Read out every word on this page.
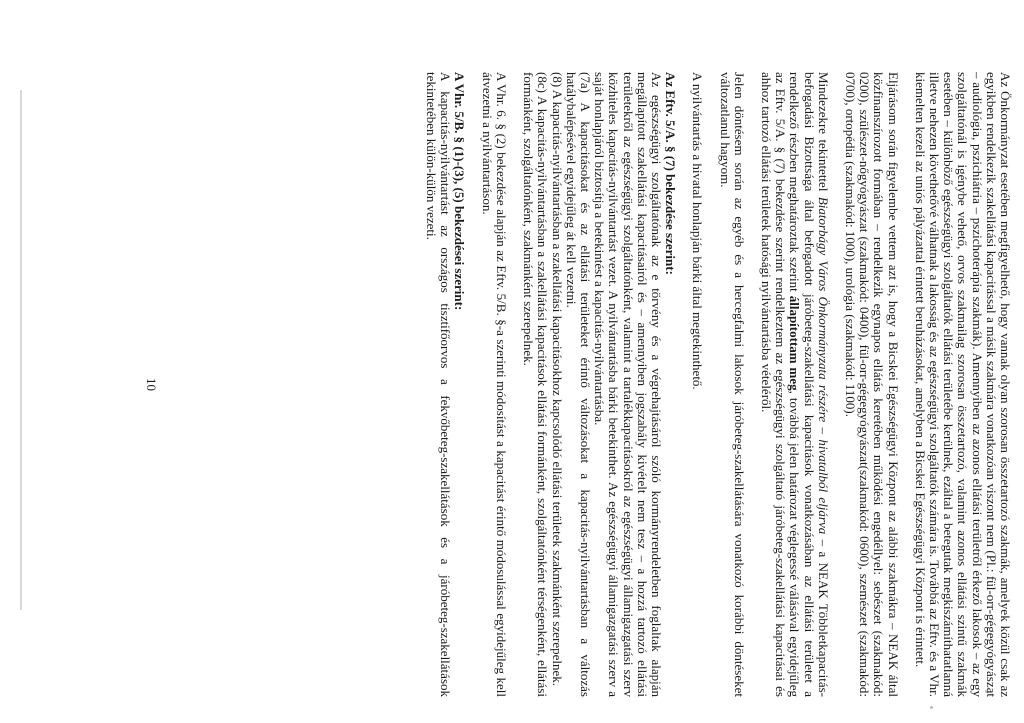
Az Önkormányzat esetében megfigyelhető, hogy vannak olyan szorosan összetartozó szakmák, amelyek közül csak az egyikben rendelkezik szakellátási kapacitással a másik szakmára vonatkozóan viszont nem (Pl.: fül-orr-gégegyógyászat – audiológia, pszichiátria – pszichoterápia szakmák). Amennyiben az azonos ellátási területről érkező lakosok – az egy szolgáltatónál is igénybe vehető, orvos szakmailag szorosan összetartozó, valamint azonos ellátási szintű szakmák esetében – különböző egészségügyi szolgáltatók ellátási területébe kerülnek, ezáltal a betegutak megkiszámíthatatlanná illetve nehezen követhetővé válhatnak a lakosság és az egészségügyi szolgáltatók számára is. Továbbá az Eftv. és a Vhr. kiemelten kezeli az uniós pályázattal érintett beruházásokat, amelyben a Bicskei Egészségügyi Központ is érintett.

Eljárásom során figyelembe vettem azt is, hogy a Bicskei Egészségügyi Központ az alábbi szakmákra – NEAK által közfinanszírozott formában – rendelkezik egynapos ellátás keretében működési engedéllyel: sebészet (szakmakód: 0200), szülészet-nőgyógyászat (szakmakód: 0400), fül-orr-gégegyógyászat(szakmakód: 0600), szemészet (szakmakód: 0700), ortopédia (szakmakód: 1000), urológia (szakmakód: 1100).

Mindezekre tekintettel Biatorbágy Város Önkormányzata részére – hivatalból eljárva – a NEAK Többletkapacitás-befogadási Bizottsága által befogadott járóbeteg-szakellátási kapacitások vonatkozásában az ellátási területet a rendelkező részben meghatároztak szerint állapítottam meg, továbbá jelen határozat véglegessé válásával egyidejűleg az Eftv. 5/A. § (7) bekezdése szerint rendelkeztem az egészségügyi szolgáltató járóbeteg-szakellátási kapacitásai és ahhoz tartozó ellátási területek hatósági nyilvántartásba vételéről.

Jelen döntésem során az egyéb és a hercegfalmi lakosok járóbeteg-szakellátására vonatkozó korábbi döntéseket változatlanul hagyom.

A nyilvántartás a hivatal honlapján bárki által megtekinthető.

Az Eftv. 5/A. § (7) bekezdése szerint:

Az egészségügyi szolgáltatónak az e törvény és a végrehajtásáról szóló kormányrendeletben foglaltak alapján megállapított szakellátási kapacitásairól és – amennyiben jogszabály kivételt nem tesz – a hozzá tartozó ellátási területekről az egészségügyi szolgáltatónként, valamint a tartalékkapacitásokról az egészségügyi államigazgatási szerv közhiteles kapacitás-nyilvántartást vezet. A nyilvántartásba bárki betekinthet. Az egészségügyi államigazgatási szerv a saját honlapjáról biztosítja a betekintést a kapacitás-nyilvántartásba.

(7a) A kapacitásokat és az ellátási területeket érintő változásokat a kapacitás-nyilvántartásban a változás hatálybalépésével egyidejűleg át kell vezetni.

(8) A kapacitás-nyilvántartásban a szakellátási kapacitásokhoz kapcsolódó ellátási területek szakmánként szerepelnek.

(8c) A kapacitás-nyilvántartásban a szakellátási kapacitások ellátási formánként, szolgáltatónként térségenként, ellátási formánként, szolgáltatónként, szakmánként szerepelnek.

A Vhr. 6. § (2) bekezdése alapján az Eftv. 5/B. §-a szerinti módosítást a kapacitást érintő módosulással egyidejűleg kell átvezetni a nyilvántartáson.

A Vhr. 5/B. § (1)-(3), (5) bekezdései szerint:

A kapacitás-nyilvántartást az országos tisztifőorvos a fekvőbeteg-szakellátások és a járóbeteg-szakellátások tekintetében külön-külön vezeti.

10
